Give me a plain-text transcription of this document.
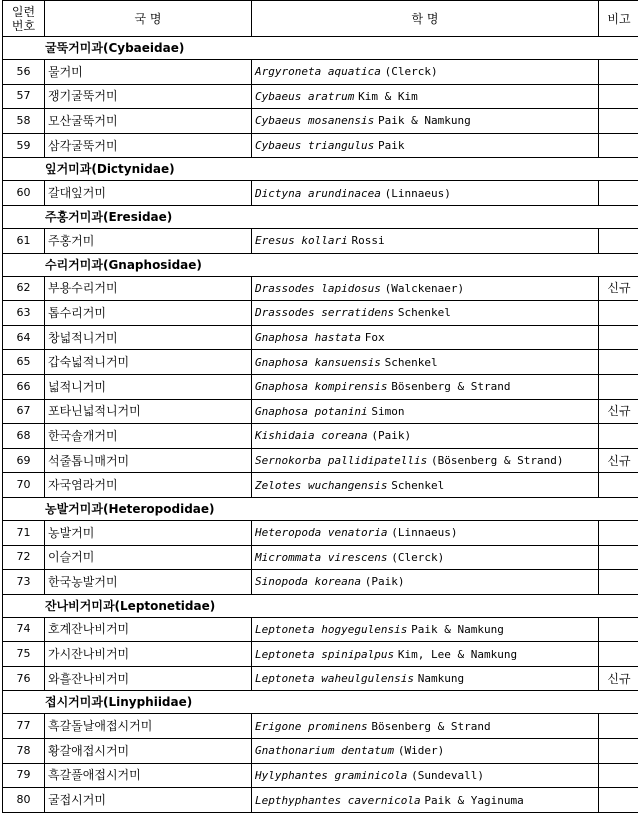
일련
번호	국 명	학 명	비고
굴뚝거미과(Cybaeidae)			
56	물거미	Argyroneta aquatica (Clerck)	
57	쟁기굴뚝거미	Cybaeus aratrum Kim & Kim	
58	모산굴뚝거미	Cybaeus mosanensis Paik & Namkung	
59	삼각굴뚝거미	Cybaeus triangulus Paik	
잎거미과(Dictynidae)			
60	갈대잎거미	Dictyna arundinacea (Linnaeus)	
주홍거미과(Eresidae)			
61	주홍거미	Eresus kollari Rossi	
수리거미과(Gnaphosidae)			
62	부용수리거미	Drassodes lapidosus (Walckenaer)	신규
63	톱수리거미	Drassodes serratidens Schenkel	
64	창넓적니거미	Gnaphosa hastata Fox	
65	갑숙넓적니거미	Gnaphosa kansuensis Schenkel	
66	넓적니거미	Gnaphosa kompirensis Bösenberg & Strand	
67	포타닌넓적니거미	Gnaphosa potanini Simon	신규
68	한국솔개거미	Kishidaia coreana (Paik)	
69	석줄톱니매거미	Sernokorba pallidipatellis (Bösenberg & Strand)	신규
70	자국염라거미	Zelotes wuchangensis Schenkel	
농발거미과(Heteropodidae)			
71	농발거미	Heteropoda venatoria (Linnaeus)	
72	이슬거미	Micrommata virescens (Clerck)	
73	한국농발거미	Sinopoda koreana (Paik)	
잔나비거미과(Leptonetidae)			
74	호계잔나비거미	Leptoneta hogyegulensis Paik & Namkung	
75	가시잔나비거미	Leptoneta spinipalpus Kim, Lee & Namkung	
76	와흘잔나비거미	Leptoneta waheulgulensis Namkung	신규
접시거미과(Linyphiidae)			
77	흑갈돌날애접시거미	Erigone prominens Bösenberg & Strand	
78	황갈애접시거미	Gnathonarium dentatum (Wider)	
79	흑갈풀애접시거미	Hylyphantes graminicola (Sundevall)	
80	굴접시거미	Lepthyphantes cavernicola Paik & Yaginuma	
